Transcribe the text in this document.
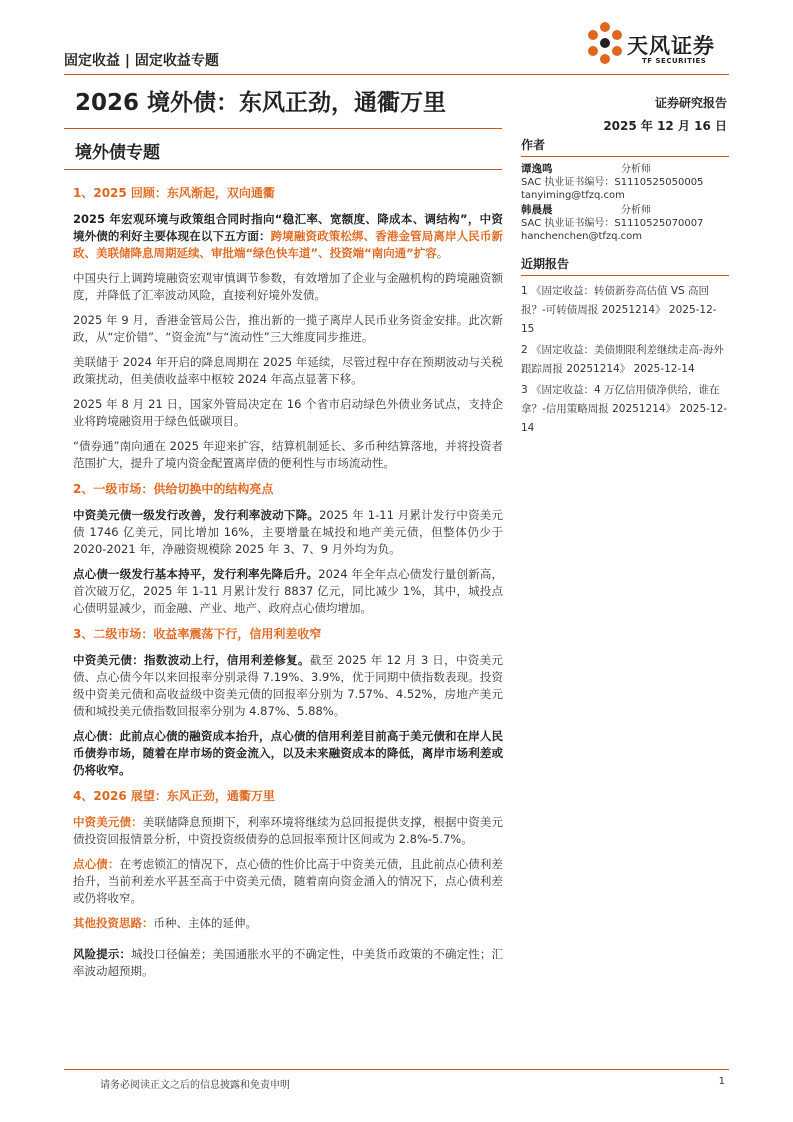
固定收益 | 固定收益专题
天风证券
TF SECURITIES
2026 境外债：东风正劲，通衢万里	证券研究报告
2025 年 12 月 16 日
境外债专题
1、2025 回顾：东风渐起，双向通衢
2025 年宏观环境与政策组合同时指向“稳汇率、宽额度、降成本、调结构”，中资境外债的利好主要体现在以下五方面：跨境融资政策松绑、香港金管局离岸人民币新政、美联储降息周期延续、审批端“绿色快车道”、投资端“南向通”扩容。
中国央行上调跨境融资宏观审慎调节参数，有效增加了企业与金融机构的跨境融资额度，并降低了汇率波动风险，直接利好境外发债。
2025 年 9 月，香港金管局公告，推出新的一揽子离岸人民币业务资金安排。此次新政，从“定价错”、“资金流”与“流动性”三大维度同步推进。
美联储于 2024 年开启的降息周期在 2025 年延续，尽管过程中存在预期波动与关税政策扰动，但美债收益率中枢较 2024 年高点显著下移。
2025 年 8 月 21 日，国家外管局决定在 16 个省市启动绿色外债业务试点，支持企业将跨境融资用于绿色低碳项目。
“债券通”南向通在 2025 年迎来扩容，结算机制延长、多币种结算落地，并将投资者范围扩大，提升了境内资金配置离岸债的便利性与市场流动性。
2、一级市场：供给切换中的结构亮点
中资美元债一级发行改善，发行利率波动下降。2025 年 1-11 月累计发行中资美元债 1746 亿美元，同比增加 16%，主要增量在城投和地产美元债，但整体仍少于 2020-2021 年，净融资规模除 2025 年 3、7、9 月外均为负。
点心债一级发行基本持平，发行利率先降后升。2024 年全年点心债发行量创新高，首次破万亿，2025 年 1-11 月累计发行 8837 亿元，同比减少 1%，其中，城投点心债明显减少，而金融、产业、地产、政府点心债均增加。
3、二级市场：收益率震荡下行，信用利差收窄
中资美元债：指数波动上行，信用利差修复。截至 2025 年 12 月 3 日，中资美元债、点心债今年以来回报率分别录得 7.19%、3.9%，优于同期中债指数表现。投资级中资美元债和高收益级中资美元债的回报率分别为 7.57%、4.52%，房地产美元债和城投美元债指数回报率分别为 4.87%、5.88%。
点心债：此前点心债的融资成本抬升，点心债的信用利差目前高于美元债和在岸人民币债券市场，随着在岸市场的资金流入，以及未来融资成本的降低，离岸市场利差或仍将收窄。
4、2026 展望：东风正劲，通衢万里
中资美元债：美联储降息预期下，利率环境将继续为总回报提供支撑，根据中资美元债投资回报情景分析，中资投资级债券的总回报率预计区间或为 2.8%-5.7%。
点心债：在考虑锁汇的情况下，点心债的性价比高于中资美元债，且此前点心债利差抬升，当前利差水平甚至高于中资美元债，随着南向资金涌入的情况下，点心债利差或仍将收窄。
其他投资思路：币种、主体的延伸。
风险提示：城投口径偏差；美国通胀水平的不确定性，中美货币政策的不确定性；汇率波动超预期。
作者
谭逸鸣	分析师
SAC 执业证书编号：S1110525050005
tanyiming@tfzq.com
韩晨晨	分析师
SAC 执业证书编号：S1110525070007
hanchenchen@tfzq.com
近期报告
1 《固定收益：转债新券高估值 VS 高回报？-可转债周报 20251214》 2025-12-15
2 《固定收益：美债期限利差继续走高-海外跟踪周报 20251214》 2025-12-14
3 《固定收益：4 万亿信用债净供给，谁在拿？-信用策略周报 20251214》 2025-12-14
请务必阅读正文之后的信息披露和免责申明	1
